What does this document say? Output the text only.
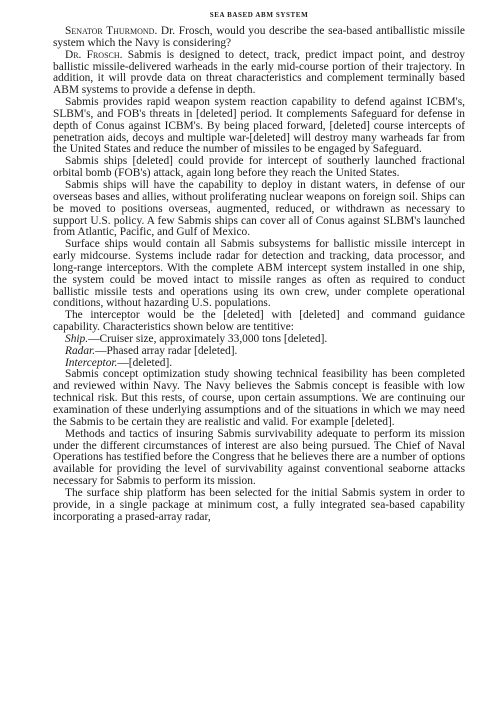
SEA BASED ABM SYSTEM

Senator Thurmond. Dr. Frosch, would you describe the sea-based antiballistic missile system which the Navy is considering?

Dr. Frosch. Sabmis is designed to detect, track, predict impact point, and destroy ballistic missile-delivered warheads in the early mid-course portion of their trajectory. In addition, it will provde data on threat characteristics and complement terminally based ABM systems to provide a defense in depth.

Sabmis provides rapid weapon system reaction capability to defend against ICBM's, SLBM's, and FOB's threats in [deleted] period. It complements Safeguard for defense in depth of Conus against ICBM's. By being placed forward, [deleted] course intercepts of penetration aids, decoys and multiple war-[deleted] will destroy many warheads far from the United States and reduce the number of missiles to be engaged by Safeguard.

Sabmis ships [deleted] could provide for intercept of southerly launched fractional orbital bomb (FOB's) attack, again long before they reach the United States.

Sabmis ships will have the capability to deploy in distant waters, in defense of our overseas bases and allies, without proliferating nuclear weapons on foreign soil. Ships can be moved to positions overseas, augmented, reduced, or withdrawn as necessary to support U.S. policy. A few Sabmis ships can cover all of Conus against SLBM's launched from Atlantic, Pacific, and Gulf of Mexico.

Surface ships would contain all Sabmis subsystems for ballistic missile intercept in early midcourse. Systems include radar for detection and tracking, data processor, and long-range interceptors. With the complete ABM intercept system installed in one ship, the system could be moved intact to missile ranges as often as required to conduct ballistic missile tests and operations using its own crew, under complete operational conditions, without hazarding U.S. populations.

The interceptor would be the [deleted] with [deleted] and command guidance capability. Characteristics shown below are tentitive:

Ship.—Cruiser size, approximately 33,000 tons [deleted].

Radar.—Phased array radar [deleted].

Interceptor.—[deleted].

Sabmis concept optimization study showing technical feasibility has been completed and reviewed within Navy. The Navy believes the Sabmis concept is feasible with low technical risk. But this rests, of course, upon certain assumptions. We are continuing our examination of these underlying assumptions and of the situations in which we may need the Sabmis to be certain they are realistic and valid. For example [deleted].

Methods and tactics of insuring Sabmis survivability adequate to perform its mission under the different circumstances of interest are also being pursued. The Chief of Naval Operations has testified before the Congress that he believes there are a number of options available for providing the level of survivability against conventional seaborne attacks necessary for Sabmis to perform its mission.

The surface ship platform has been selected for the initial Sabmis system in order to provide, in a single package at minimum cost, a fully integrated sea-based capability incorporating a prased-array radar,
